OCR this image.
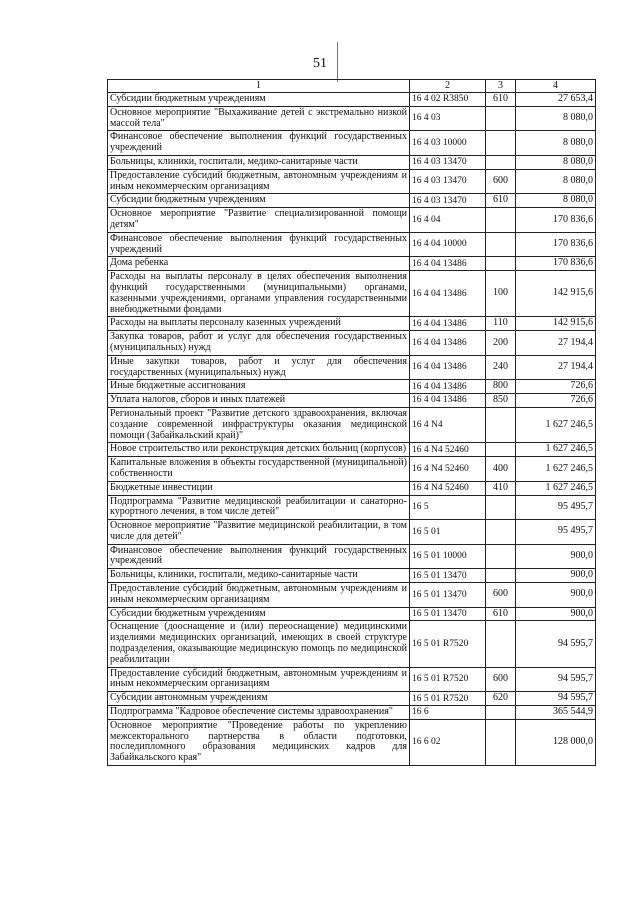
51
1	2	3	4
Субсидии бюджетным учреждениям	16 4 02 R3850	610	27 653,4
Основное мероприятие "Выхаживание детей с экстремально низкой массой тела"	16 4 03		8 080,0
Финансовое обеспечение выполнения функций государственных учреждений	16 4 03 10000		8 080,0
Больницы, клиники, госпитали, медико-санитарные части	16 4 03 13470		8 080,0
Предоставление субсидий бюджетным, автономным учреждениям и иным некоммерческим организациям	16 4 03 13470	600	8 080,0
Субсидии бюджетным учреждениям	16 4 03 13470	610	8 080,0
Основное мероприятие "Развитие специализированной помощи детям"	16 4 04		170 836,6
Финансовое обеспечение выполнения функций государственных учреждений	16 4 04 10000		170 836,6
Дома ребенка	16 4 04 13486		170 836,6
Расходы на выплаты персоналу в целях обеспечения выполнения функций государственными (муниципальными) органами, казенными учреждениями, органами управления государственными внебюджетными фондами	16 4 04 13486	100	142 915,6
Расходы на выплаты персоналу казенных учреждений	16 4 04 13486	110	142 915,6
Закупка товаров, работ и услуг для обеспечения государственных (муниципальных) нужд	16 4 04 13486	200	27 194,4
Иные закупки товаров, работ и услуг для обеспечения государственных (муниципальных) нужд	16 4 04 13486	240	27 194,4
Иные бюджетные ассигнования	16 4 04 13486	800	726,6
Уплата налогов, сборов и иных платежей	16 4 04 13486	850	726,6
Региональный проект "Развитие детского здравоохранения, включая создание современной инфраструктуры оказания медицинской помощи (Забайкальский край)"	16 4 N4		1 627 246,5
Новое строительство или реконструкция детских больниц (корпусов)	16 4 N4 52460		1 627 246,5
Капитальные вложения в объекты государственной (муниципальной) собственности	16 4 N4 52460	400	1 627 246,5
Бюджетные инвестиции	16 4 N4 52460	410	1 627 246,5
Подпрограмма "Развитие медицинской реабилитации и санаторно-курортного лечения, в том числе детей"	16 5		95 495,7
Основное мероприятие "Развитие медицинской реабилитации, в том числе для детей"	16 5 01		95 495,7
Финансовое обеспечение выполнения функций государственных учреждений	16 5 01 10000		900,0
Больницы, клиники, госпитали, медико-санитарные части	16 5 01 13470		900,0
Предоставление субсидий бюджетным, автономным учреждениям и иным некоммерческим организациям	16 5 01 13470	600	900,0
Субсидии бюджетным учреждениям	16 5 01 13470	610	900,0
Оснащение (дооснащение и (или) переоснащение) медицинскими изделиями медицинских организаций, имеющих в своей структуре подразделения, оказывающие медицинскую помощь по медицинской реабилитации	16 5 01 R7520		94 595,7
Предоставление субсидий бюджетным, автономным учреждениям и иным некоммерческим организациям	16 5 01 R7520	600	94 595,7
Субсидии автономным учреждениям	16 5 01 R7520	620	94 595,7
Подпрограмма "Кадровое обеспечение системы здравоохранения"	16 6		365 544,9
Основное мероприятие "Проведение работы по укреплению межсекторального партнерства в области подготовки, последипломного образования медицинских кадров для Забайкальского края"	16 6 02		128 000,0
